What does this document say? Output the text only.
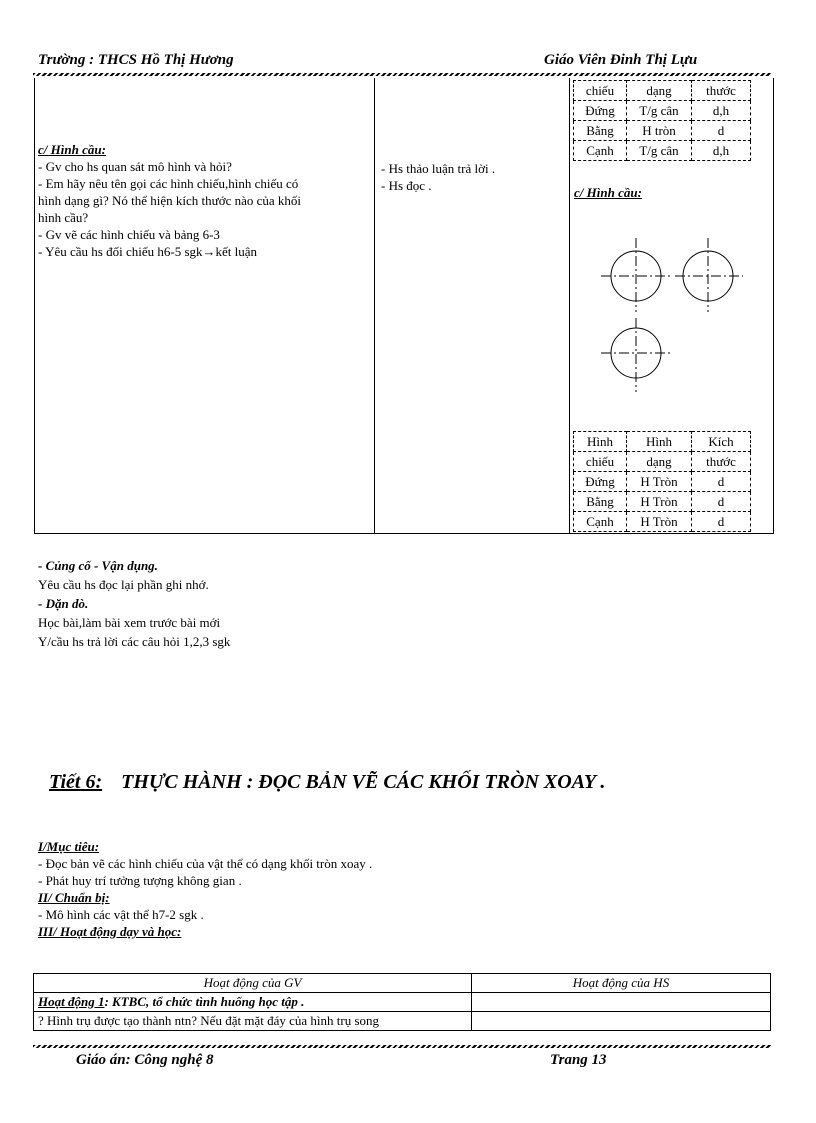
Trường : THCS Hồ Thị Hương	Giáo Viên Đinh Thị Lựu
c/ Hình cầu:
- Gv cho hs quan sát mô hình và hỏi?
- Em hãy nêu tên gọi các hình chiếu,hình chiếu có
hình dạng gì? Nó thể hiện kích thước nào của khối
hình cầu?
- Gv vẽ các hình chiếu và bảng 6-3
- Yêu cầu hs đối chiếu h6-5 sgk→kết luận
- Hs thảo luận trả lời .
- Hs đọc .
chiếu	dạng	thước
Đứng	T/g cân	d,h
Bằng	H tròn	d
Cạnh	T/g cân	d,h
c/ Hình cầu:
Hình	Hình	Kích
chiếu	dạng	thước
Đứng	H Tròn	d
Bằng	H Tròn	d
Cạnh	H Tròn	d
- Củng cố - Vận dụng.
Yêu cầu hs đọc lại phần ghi nhớ.
- Dặn dò.
Học bài,làm bài xem trước bài mới
Y/cầu hs trả lời các câu hỏi 1,2,3 sgk
Tiết 6: THỰC HÀNH : ĐỌC BẢN VẼ CÁC KHỐI TRÒN XOAY .
I/Mục tiêu:
- Đọc bản vẽ các hình chiếu của vật thể có dạng khối tròn xoay .
- Phát huy trí tưởng tượng không gian .
II/ Chuẩn bị:
- Mô hình các vật thể h7-2 sgk .
III/ Hoạt động dạy và học:
Hoạt động của GV	Hoạt động của HS
Hoạt động 1: KTBC, tổ chức tình huống học tập .	
? Hình trụ được tạo thành ntn? Nếu đặt mặt đáy của hình trụ song	
Giáo án: Công nghệ 8	Trang 13
